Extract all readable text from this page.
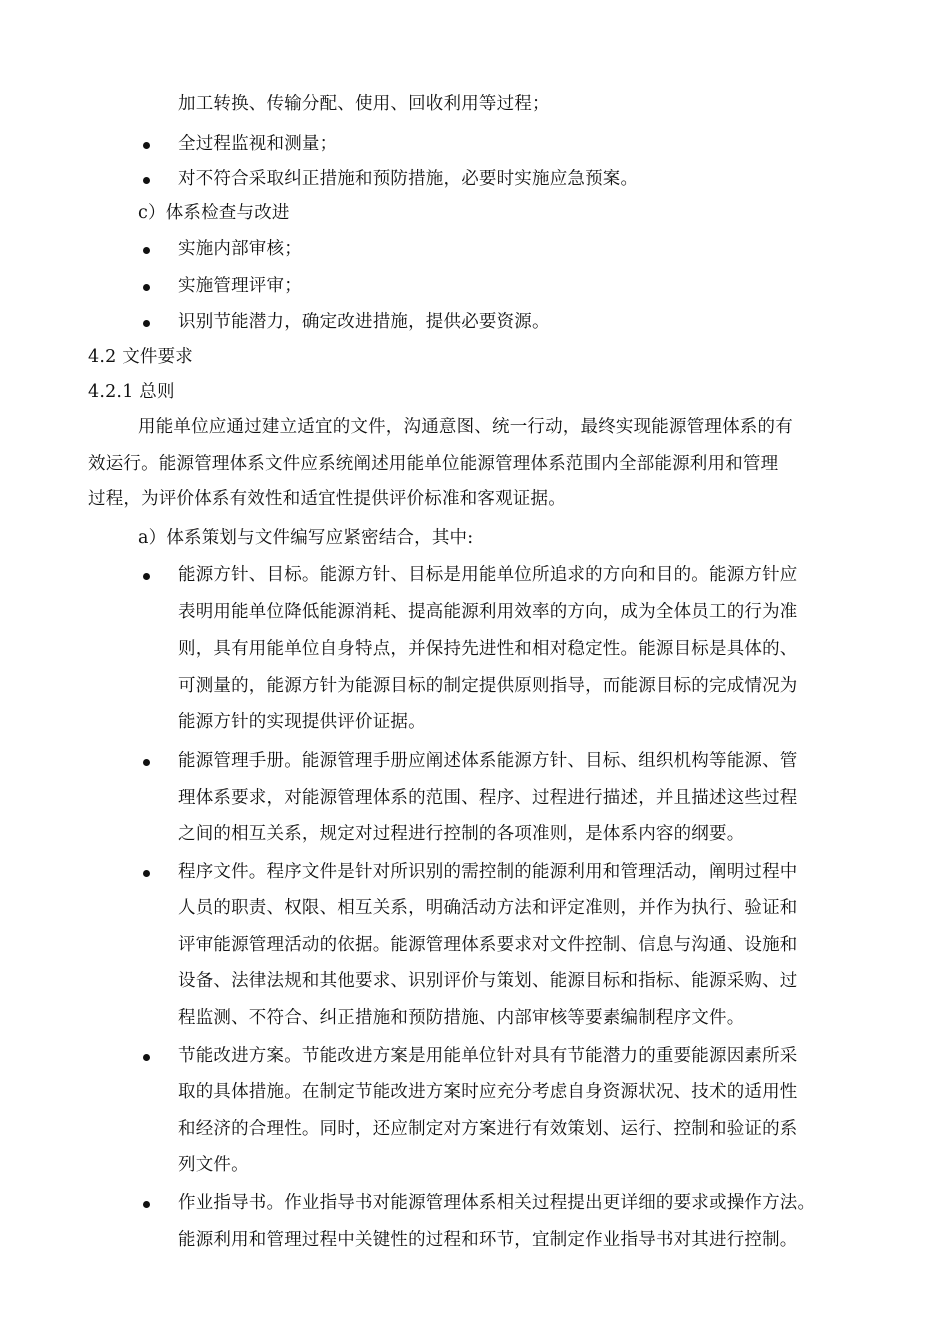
加工转换、传输分配、使用、回收利用等过程；
全过程监视和测量；
对不符合采取纠正措施和预防措施，必要时实施应急预案。
c）体系检查与改进
实施内部审核；
实施管理评审；
识别节能潜力，确定改进措施，提供必要资源。
4.2 文件要求
4.2.1 总则
用能单位应通过建立适宜的文件，沟通意图、统一行动，最终实现能源管理体系的有
效运行。能源管理体系文件应系统阐述用能单位能源管理体系范围内全部能源利用和管理
过程，为评价体系有效性和适宜性提供评价标准和客观证据。
a）体系策划与文件编写应紧密结合，其中:
能源方针、目标。能源方针、目标是用能单位所追求的方向和目的。能源方针应
表明用能单位降低能源消耗、提高能源利用效率的方向，成为全体员工的行为准
则，具有用能单位自身特点，并保持先进性和相对稳定性。能源目标是具体的、
可测量的，能源方针为能源目标的制定提供原则指导，而能源目标的完成情况为
能源方针的实现提供评价证据。
能源管理手册。能源管理手册应阐述体系能源方针、目标、组织机构等能源、管
理体系要求，对能源管理体系的范围、程序、过程进行描述，并且描述这些过程
之间的相互关系，规定对过程进行控制的各项准则，是体系内容的纲要。
程序文件。程序文件是针对所识别的需控制的能源利用和管理活动，阐明过程中
人员的职责、权限、相互关系，明确活动方法和评定准则，并作为执行、验证和
评审能源管理活动的依据。能源管理体系要求对文件控制、信息与沟通、设施和
设备、法律法规和其他要求、识别评价与策划、能源目标和指标、能源采购、过
程监测、不符合、纠正措施和预防措施、内部审核等要素编制程序文件。
节能改进方案。节能改进方案是用能单位针对具有节能潜力的重要能源因素所采
取的具体措施。在制定节能改进方案时应充分考虑自身资源状况、技术的适用性
和经济的合理性。同时，还应制定对方案进行有效策划、运行、控制和验证的系
列文件。
作业指导书。作业指导书对能源管理体系相关过程提出更详细的要求或操作方法。
能源利用和管理过程中关键性的过程和环节，宜制定作业指导书对其进行控制。
